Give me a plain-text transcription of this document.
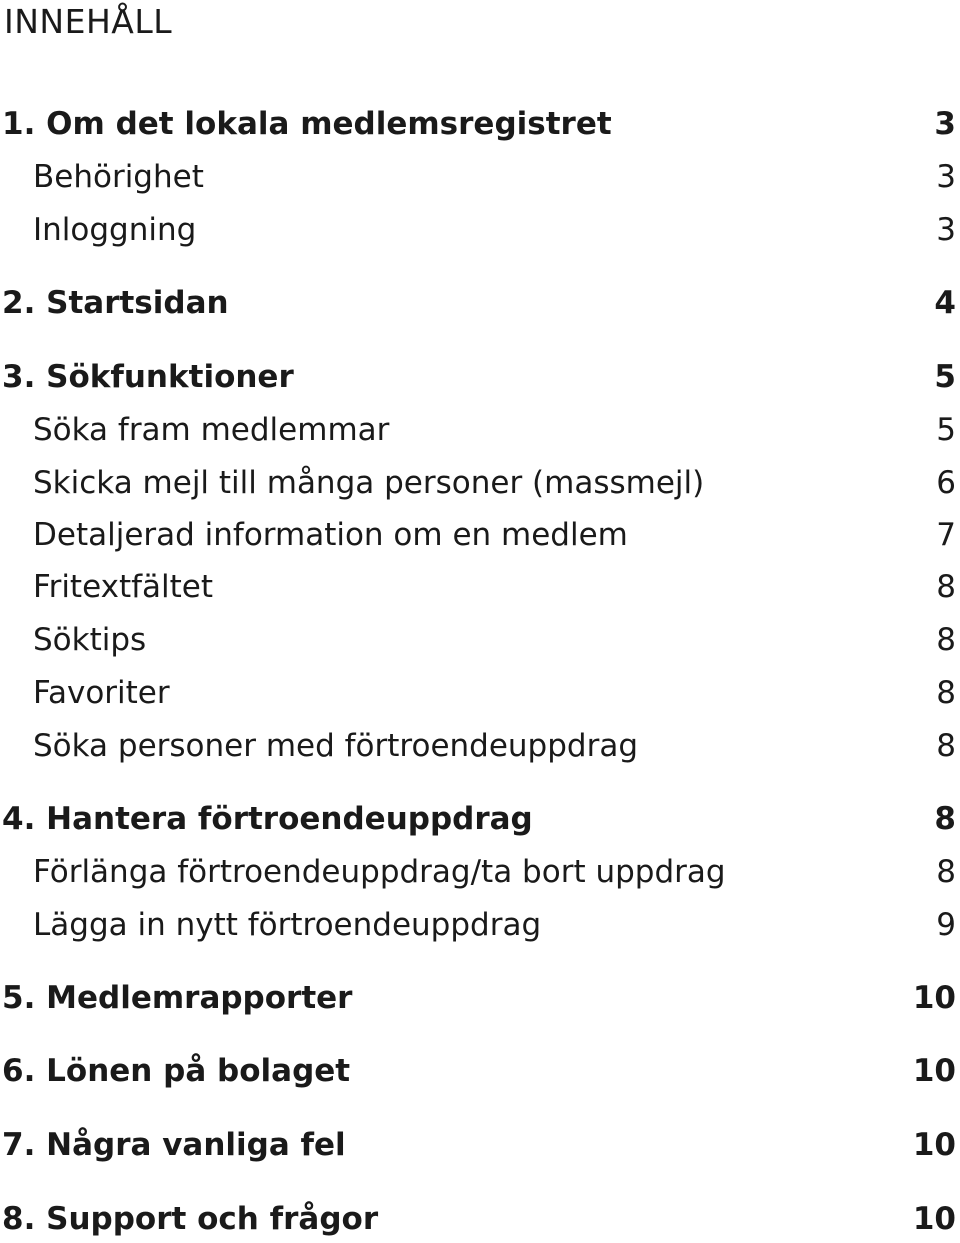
INNEHÅLL
1. Om det lokala medlemsregistret	3
Behörighet	3
Inloggning	3
2. Startsidan	4
3. Sökfunktioner	5
Söka fram medlemmar	5
Skicka mejl till många personer (massmejl)	6
Detaljerad information om en medlem	7
Fritextfältet	8
Söktips	8
Favoriter	8
Söka personer med förtroendeuppdrag	8
4. Hantera förtroendeuppdrag	8
Förlänga förtroendeuppdrag/ta bort uppdrag	8
Lägga in nytt förtroendeuppdrag	9
5. Medlemrapporter	10
6. Lönen på bolaget	10
7. Några vanliga fel	10
8. Support och frågor	10
